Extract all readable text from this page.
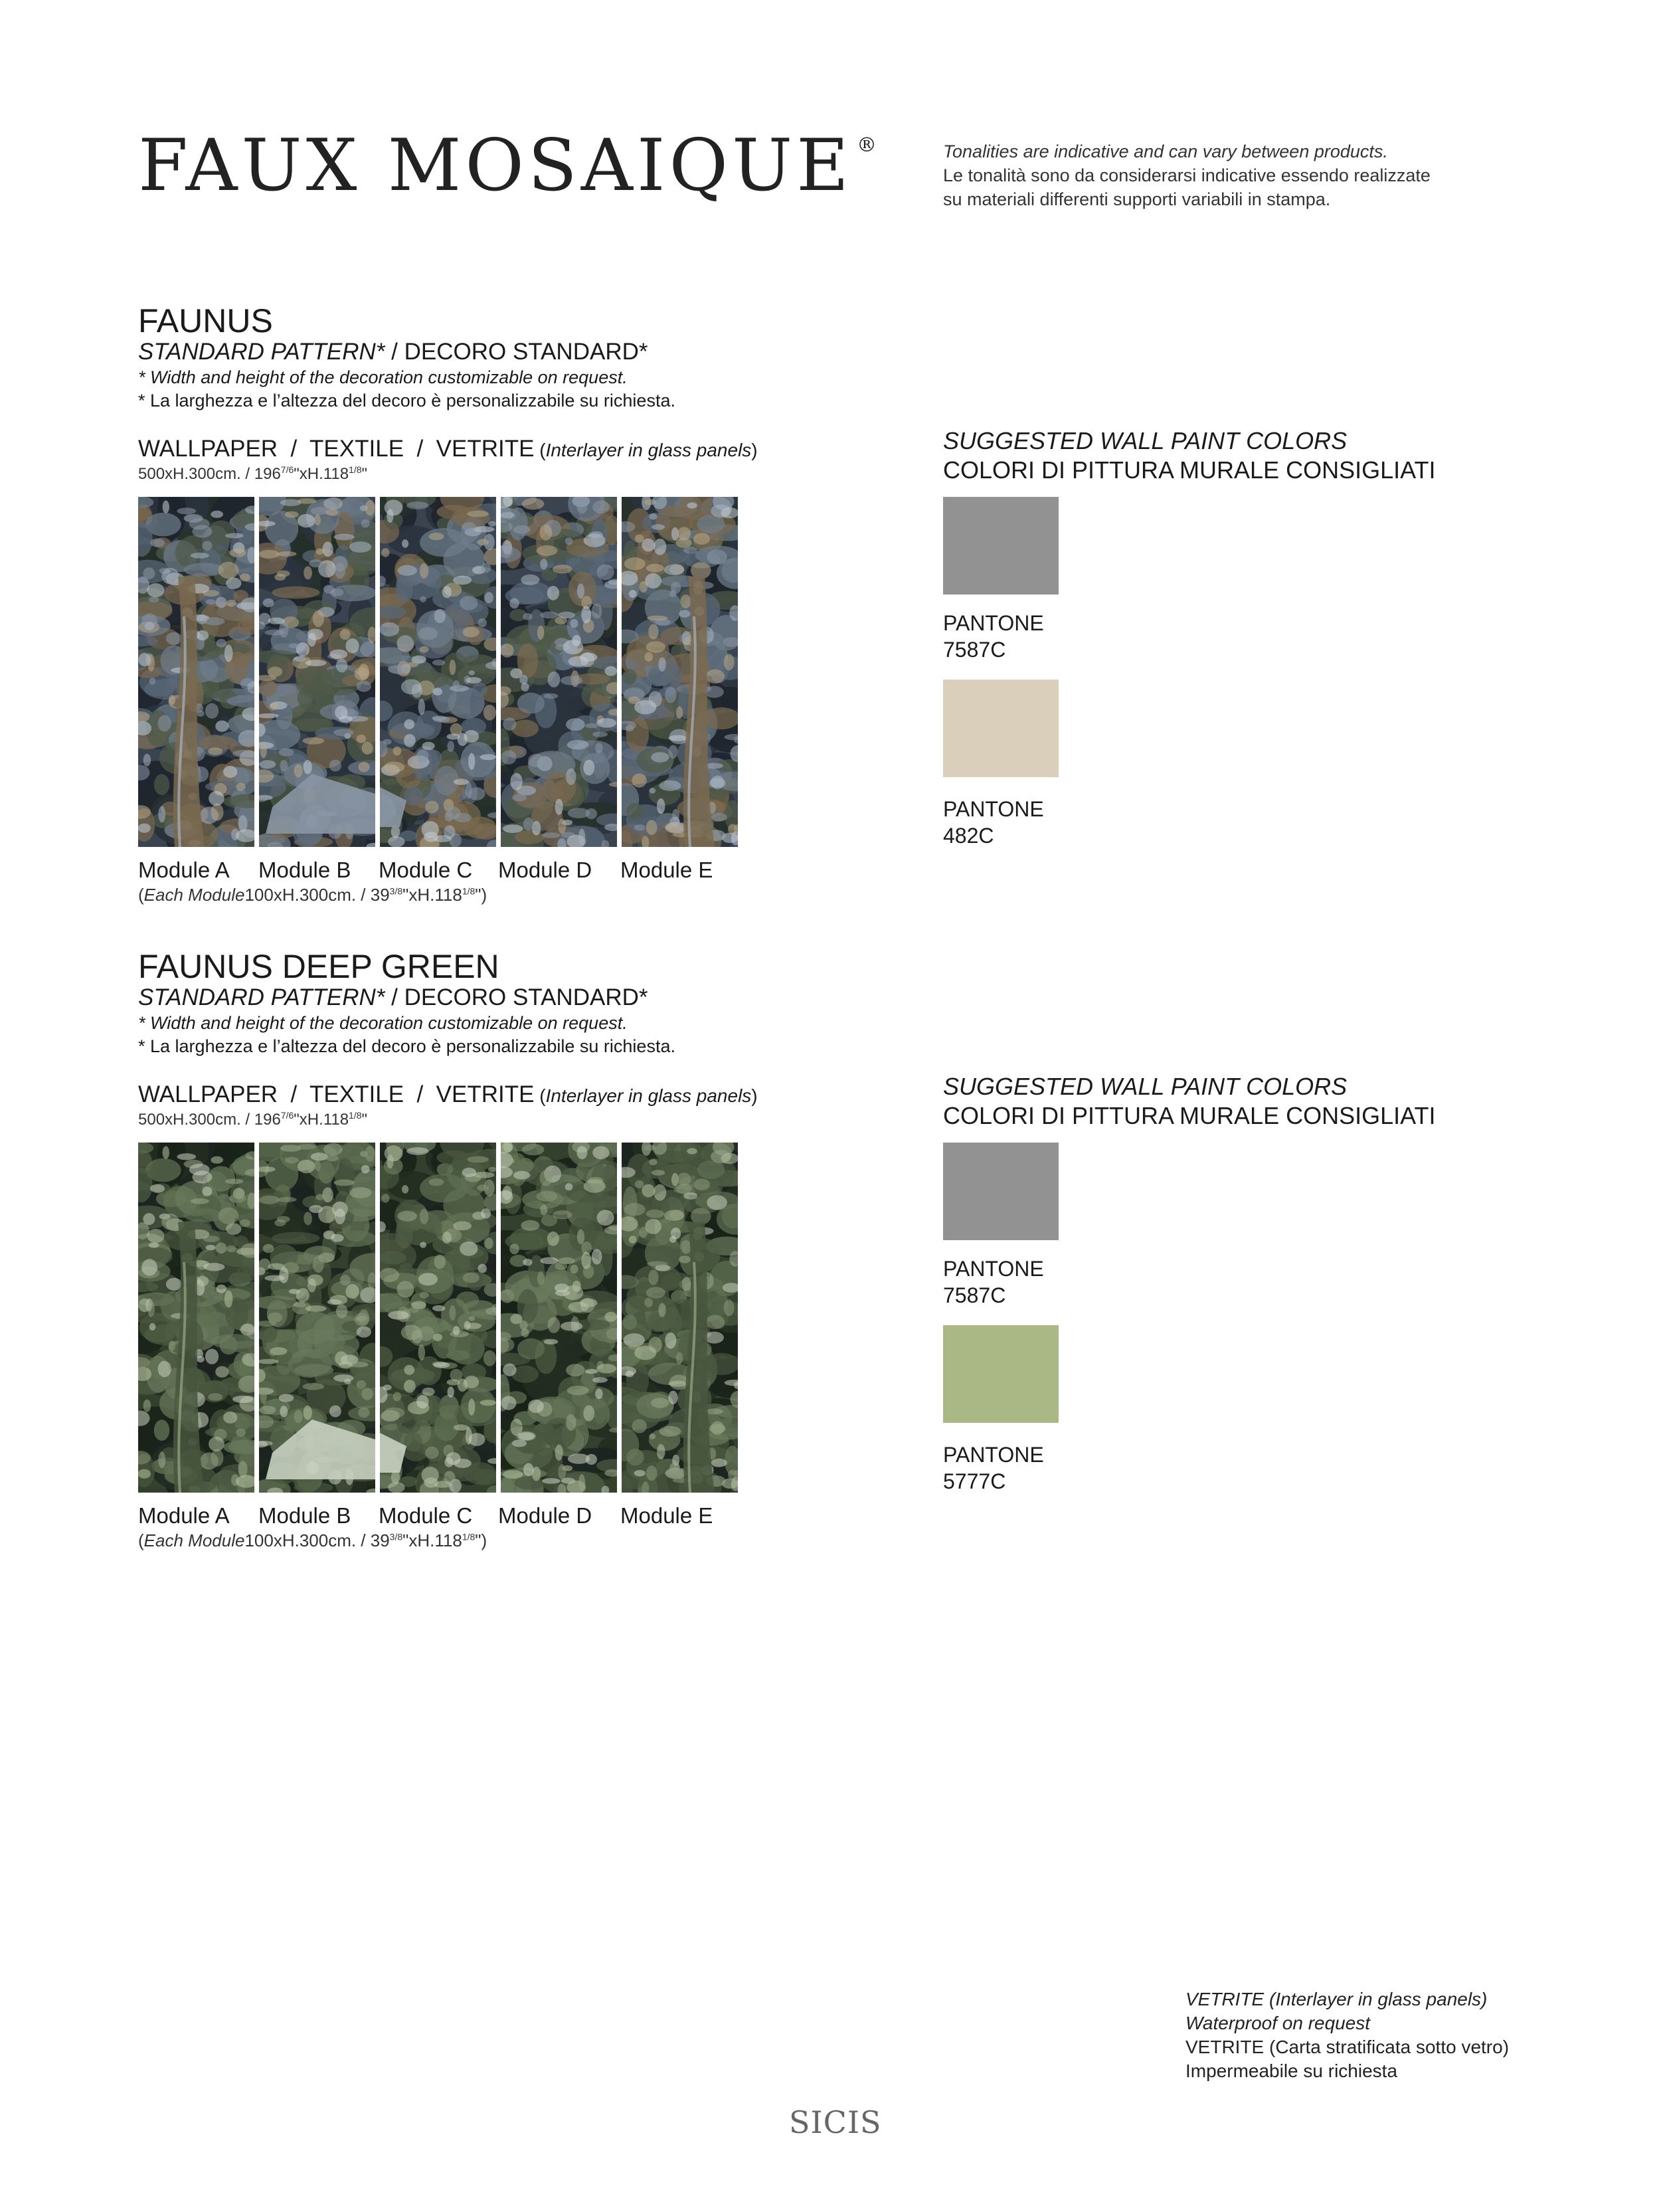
FAUX MOSAIQUE ®	Tonalities are indicative and can vary between products.
Le tonalità sono da considerarsi indicative essendo realizzate
su materiali differenti supporti variabili in stampa.
FAUNUS
STANDARD PATTERN* / DECORO STANDARD*
* Width and height of the decoration customizable on request.
* La larghezza e l’altezza del decoro è personalizzabile su richiesta.
WALLPAPER  /  TEXTILE  /  VETRITE (Interlayer in glass panels)
500xH.300cm. / $196^{7/6}"xH.118^{1/8}$"
Module A Module B Module C Module D Module E
(Each Module100xH.300cm. / $39^{3/8}"xH.118^{1/8}$")
SUGGESTED WALL PAINT COLORS
COLORI DI PITTURA MURALE CONSIGLIATI
PANTONE
7587C
PANTONE
482C
FAUNUS DEEP GREEN
STANDARD PATTERN* / DECORO STANDARD*
* Width and height of the decoration customizable on request.
* La larghezza e l’altezza del decoro è personalizzabile su richiesta.
WALLPAPER  /  TEXTILE  /  VETRITE (Interlayer in glass panels)
500xH.300cm. / $196^{7/6}"xH.118^{1/8}$"
Module A Module B Module C Module D Module E
(Each Module100xH.300cm. / $39^{3/8}"xH.118^{1/8}$")
SUGGESTED WALL PAINT COLORS
COLORI DI PITTURA MURALE CONSIGLIATI
PANTONE
7587C
PANTONE
5777C
VETRITE (Interlayer in glass panels)
Waterproof on request
VETRITE (Carta stratificata sotto vetro)
Impermeabile su richiesta
SICIS
